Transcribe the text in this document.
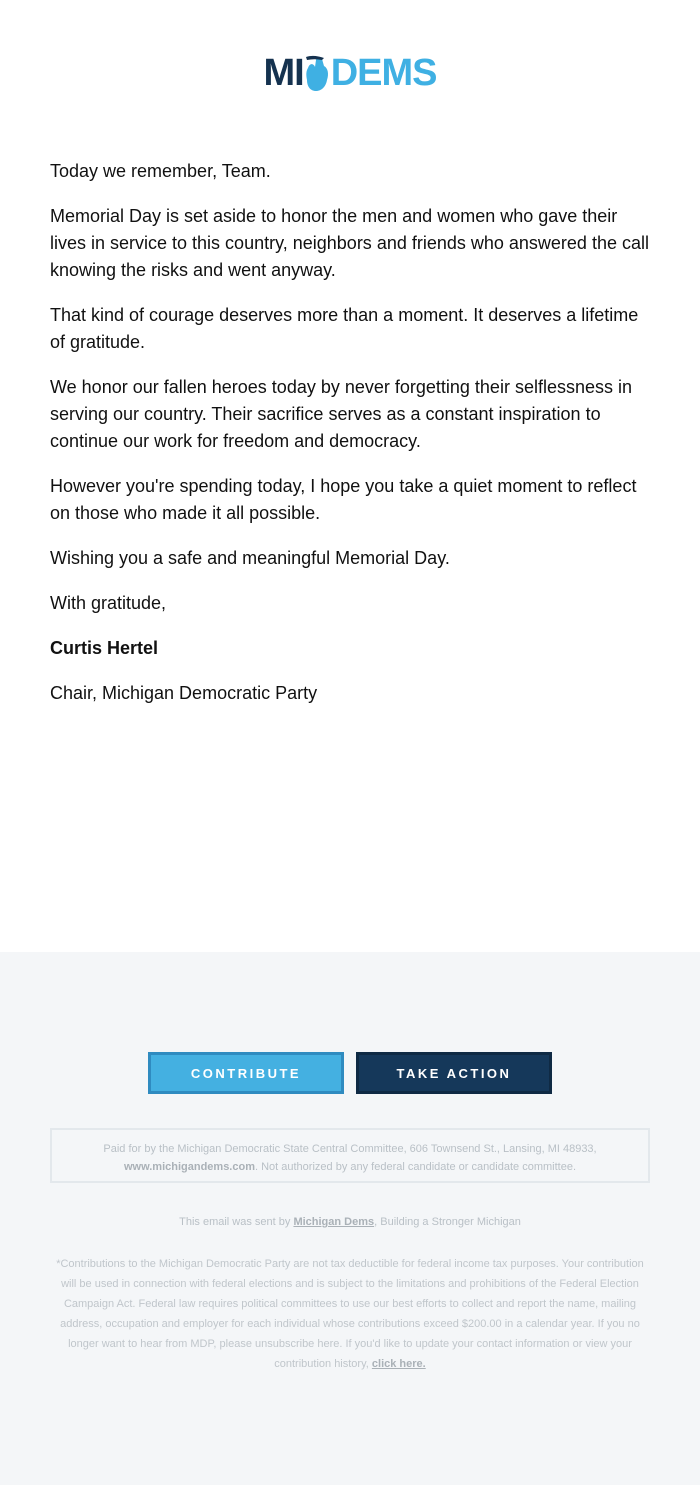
MI DEMS

Today we remember, Team.

Memorial Day is set aside to honor the men and women who gave their lives in service to this country, neighbors and friends who answered the call knowing the risks and went anyway.

That kind of courage deserves more than a moment. It deserves a lifetime of gratitude.

We honor our fallen heroes today by never forgetting their selflessness in serving our country. Their sacrifice serves as a constant inspiration to continue our work for freedom and democracy.

However you're spending today, I hope you take a quiet moment to reflect on those who made it all possible.

Wishing you a safe and meaningful Memorial Day.

With gratitude,

Curtis Hertel

Chair, Michigan Democratic Party

CONTRIBUTE	TAKE ACTION
Paid for by the Michigan Democratic State Central Committee, 606 Townsend St., Lansing, MI 48933,
www.michigandems.com. Not authorized by any federal candidate or candidate committee.
This email was sent by Michigan Dems, Building a Stronger Michigan
*Contributions to the Michigan Democratic Party are not tax deductible for federal income tax purposes. Your contribution will be used in connection with federal elections and is subject to the limitations and prohibitions of the Federal Election Campaign Act. Federal law requires political committees to use our best efforts to collect and report the name, mailing address, occupation and employer for each individual whose contributions exceed $200.00 in a calendar year. If you no longer want to hear from MDP, please unsubscribe here. If you'd like to update your contact information or view your contribution history, click here.
